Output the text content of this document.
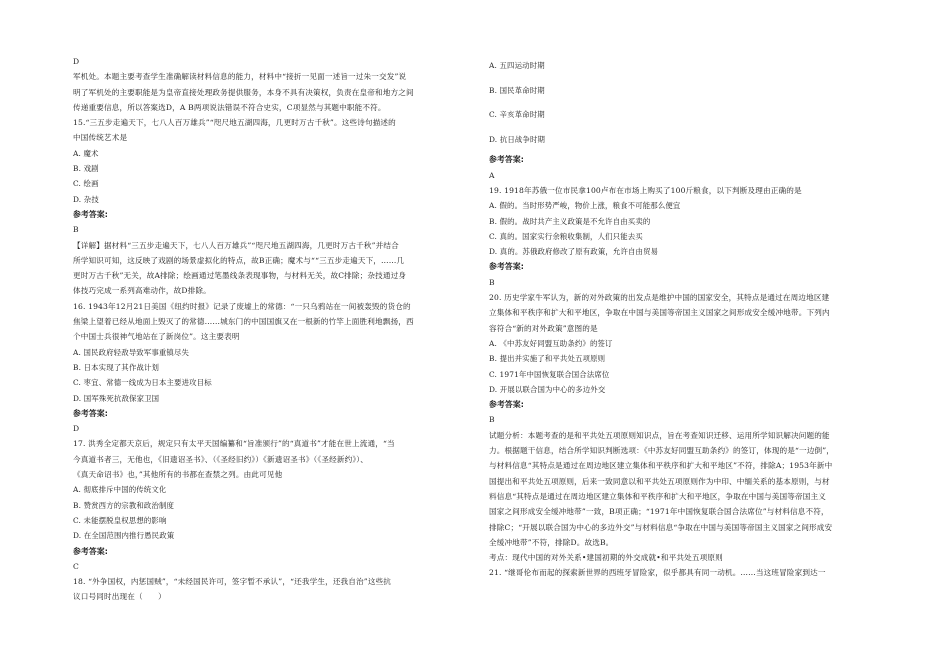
D
军机处。本题主要考查学生准确解读材料信息的能力，材料中“接折一见面一述旨一过朱一交发”说
明了军机处的主要职能是为皇帝直接处理政务提供服务，本身不具有决策权，负责在皇帝和地方之间
传递重要信息，所以答案选D，A B两项说法错误不符合史实，C项显然与其题中职能不符。
15.“三五步走遍天下，七八人百万雄兵”“咫尺地五湖四海，几更时万古千秋”。这些诗句描述的
中国传统艺术是
A. 魔术
B. 戏剧
C. 绘画
D. 杂技
参考答案:
B
【详解】据材料“三五步走遍天下，七八人百万雄兵”“咫尺地五湖四海，几更时万古千秋”并结合
所学知识可知，这反映了戏剧的场景虚拟化的特点，故B正确；魔术与““三五步走遍天下，……几
更时万古千秋”无关，故A排除；绘画通过笔墨线条表现事物，与材料无关，故C排除；杂技通过身
体技巧完成一系列高难动作，故D排除。
16. 1943年12月21日美国《纽约时报》记录了废墟上的常德：“一只乌鸦站在一间被轰毁的货仓的
焦梁上望着已经从地面上毁灭了的常德……城东门的中国国旗又在一根新的竹竿上面胜利地飘扬，西
个中国士兵很神气地站在了新岗位”。这主要表明
A. 国民政府轻敌导致军事重镇尽失
B. 日本实现了其作战计划
C. 枣宜、常德一线成为日本主要进攻目标
D. 国军殊死抗敌保家卫国
参考答案:
D
17. 洪秀全定都天京后，规定只有太平天国编纂和“旨准颁行”的“真道书”才能在世上流通，“当
今真道书者三，无他也，《旧遗诏圣书》、（《圣经旧约》）《新遗诏圣书》（《圣经新约》）、
《真天命诏书》也，”其他所有的书都在查禁之列。由此可见他
A. 彻底排斥中国的传统文化
B. 赞赏西方的宗教和政治制度
C. 未能摆脱皇权思想的影响
D. 在全国范围内推行愚民政策
参考答案:
C
18. “外争国权，内惩国贼”，“未经国民许可，签字暂不承认”，“还我学生，还我自治”这些抗
议口号同时出现在（　　）
A. 五四运动时期
B. 国民革命时期
C. 辛亥革命时期
D. 抗日战争时期
参考答案:
A
19. 1918年苏俄一位市民拿100卢布在市场上购买了100斤粮食，以下判断及理由正确的是
A. 假的。当时形势严峻，物价上涨，粮食不可能那么便宜
B. 假的。战时共产主义政策是不允许自由买卖的
C. 真的。国家实行余粮收集制，人们只能去买
D. 真的。苏俄政府修改了原有政策，允许自由贸易
参考答案:
B
20. 历史学家牛军认为，新的对外政策的出发点是维护中国的国家安全，其特点是通过在周边地区建
立集体和平秩序和扩大和平地区，争取在中国与美国等帝国主义国家之间形成安全缓冲地带。下列内
容符合“新的对外政策”意图的是
A. 《中苏友好同盟互助条约》的签订
B. 提出并实施了和平共处五项原则
C. 1971年中国恢复联合国合法席位
D. 开展以联合国为中心的多边外交
参考答案:
B
试题分析：本题考查的是和平共处五项原则知识点，旨在考查知识迁移、运用所学知识解决问题的能
力。根据题干信息，结合所学知识判断选项：《中苏友好同盟互助条约》的签订，体现的是“一边倒”，
与材料信息“其特点是通过在周边地区建立集体和平秩序和扩大和平地区”不符，排除A；1953年新中
国提出和平共处五项原则，后来一致同意以和平共处五项原则作为中印、中缅关系的基本原则，与材
料信息“其特点是通过在周边地区建立集体和平秩序和扩大和平地区，争取在中国与美国等帝国主义
国家之间形成安全缓冲地带”一致，B项正确；“1971年中国恢复联合国合法席位”与材料信息不符，
排除C；“开展以联合国为中心的多边外交”与材料信息“争取在中国与美国等帝国主义国家之间形成安
全缓冲地带”不符，排除D。故选B。
考点：现代中国的对外关系•建国初期的外交成就•和平共处五项原则
21. “继哥伦布而起的探索新世界的西班牙冒险家，似乎都具有同一动机。……当这班冒险家到达一
